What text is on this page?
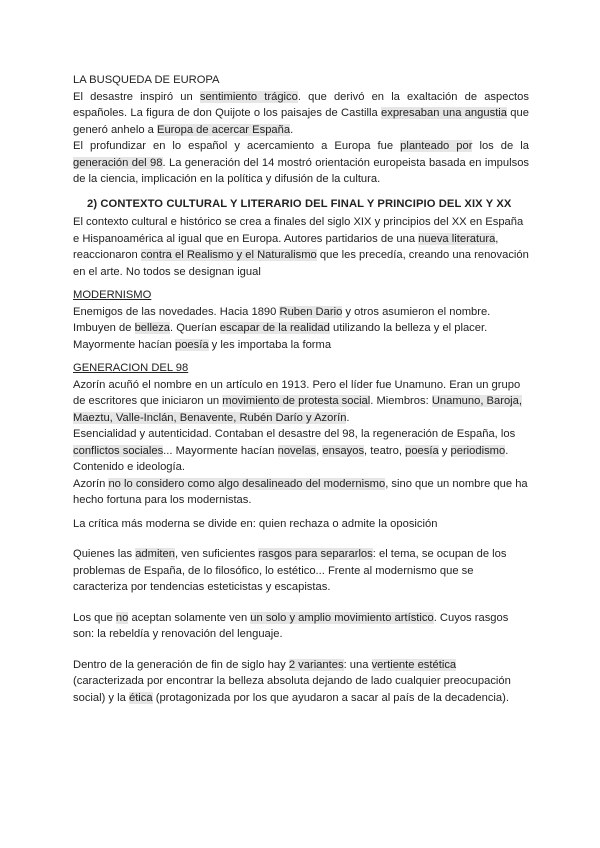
LA BUSQUEDA DE EUROPA

El desastre inspiró un sentimiento trágico. que derivó en la exaltación de aspectos españoles. La figura de don Quijote o los paisajes de Castilla expresaban una angustia que generó anhelo a Europa de acercar España.

El profundizar en lo español y acercamiento a Europa fue planteado por los de la generación del 98. La generación del 14 mostró orientación europeista basada en impulsos de la ciencia, implicación en la política y difusión de la cultura.

2) CONTEXTO CULTURAL Y LITERARIO DEL FINAL Y PRINCIPIO DEL XIX Y XX

El contexto cultural e histórico se crea a finales del siglo XIX y principios del XX en España e Hispanoamérica al igual que en Europa. Autores partidarios de una nueva literatura, reaccionaron contra el Realismo y el Naturalismo que les precedía, creando una renovación en el arte. No todos se designan igual

MODERNISMO

Enemigos de las novedades. Hacia 1890 Ruben Dario y otros asumieron el nombre.

Imbuyen de belleza. Querían escapar de la realidad utilizando la belleza y el placer. Mayormente hacían poesía y les importaba la forma

GENERACION DEL 98

Azorín acuñó el nombre en un artículo en 1913. Pero el líder fue Unamuno. Eran un grupo de escritores que iniciaron un movimiento de protesta social. Miembros: Unamuno, Baroja, Maeztu, Valle-Inclán, Benavente, Rubén Darío y Azorín.

Esencialidad y autenticidad. Contaban el desastre del 98, la regeneración de España, los conflictos sociales... Mayormente hacían novelas, ensayos, teatro, poesía y periodismo. Contenido e ideología.

Azorín no lo considero como algo desalineado del modernismo, sino que un nombre que ha hecho fortuna para los modernistas.

La crítica más moderna se divide en: quien rechaza o admite la oposición

Quienes las admiten, ven suficientes rasgos para separarlos: el tema, se ocupan de los problemas de España, de lo filosófico, lo estético... Frente al modernismo que se caracteriza por tendencias esteticistas y escapistas.

Los que no aceptan solamente ven un solo y amplio movimiento artístico. Cuyos rasgos son: la rebeldía y renovación del lenguaje.

Dentro de la generación de fin de siglo hay 2 variantes: una vertiente estética (caracterizada por encontrar la belleza absoluta dejando de lado cualquier preocupación social) y la ética (protagonizada por los que ayudaron a sacar al país de la decadencia).
